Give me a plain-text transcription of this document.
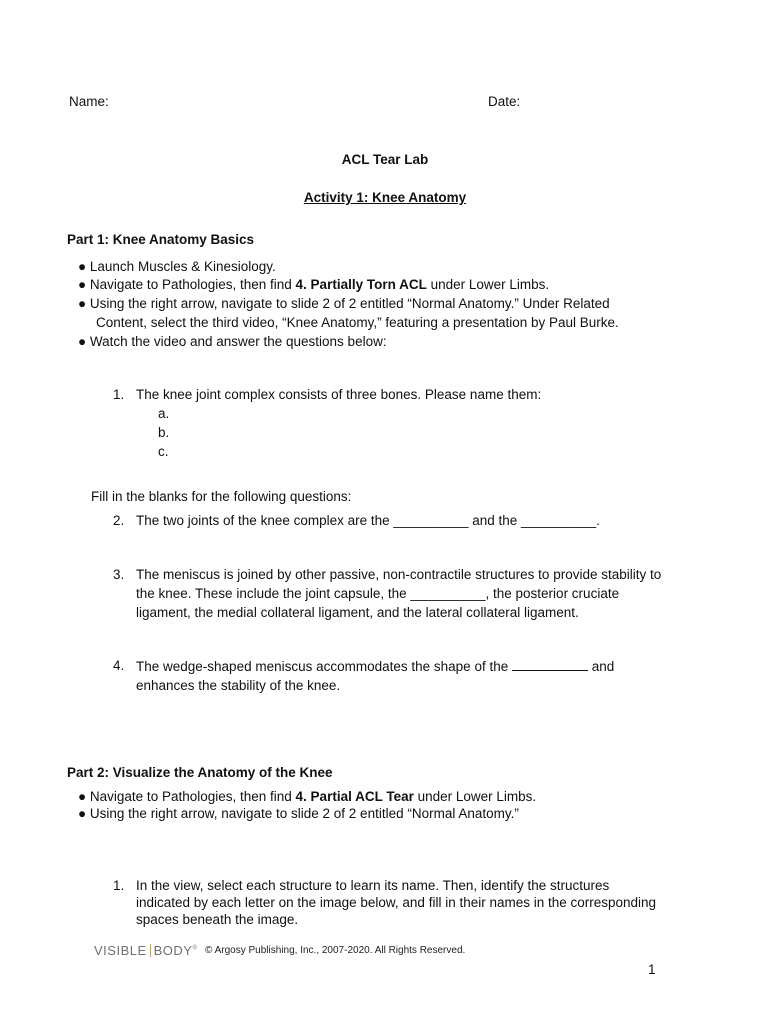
Name:	Date:
ACL Tear Lab
Activity 1: Knee Anatomy
Part 1: Knee Anatomy Basics
● Launch Muscles & Kinesiology.
● Navigate to Pathologies, then find 4. Partially Torn ACL under Lower Limbs.
● Using the right arrow, navigate to slide 2 of 2 entitled “Normal Anatomy.” Under Related
Content, select the third video, “Knee Anatomy,” featuring a presentation by Paul Burke.
● Watch the video and answer the questions below:
1. The knee joint complex consists of three bones. Please name them:
a.
b.
c.
Fill in the blanks for the following questions:
2. The two joints of the knee complex are the __________ and the __________.
3. The meniscus is joined by other passive, non-contractile structures to provide stability to
the knee. These include the joint capsule, the __________, the posterior cruciate
ligament, the medial collateral ligament, and the lateral collateral ligament.
4. The wedge-shaped meniscus accommodates the shape of the	and
enhances the stability of the knee.
Part 2: Visualize the Anatomy of the Knee
● Navigate to Pathologies, then find 4. Partial ACL Tear under Lower Limbs.
● Using the right arrow, navigate to slide 2 of 2 entitled “Normal Anatomy.”
1. In the view, select each structure to learn its name. Then, identify the structures
indicated by each letter on the image below, and fill in their names in the corresponding
spaces beneath the image.
VISIBLE BODY® © Argosy Publishing, Inc., 2007-2020. All Rights Reserved.
1
